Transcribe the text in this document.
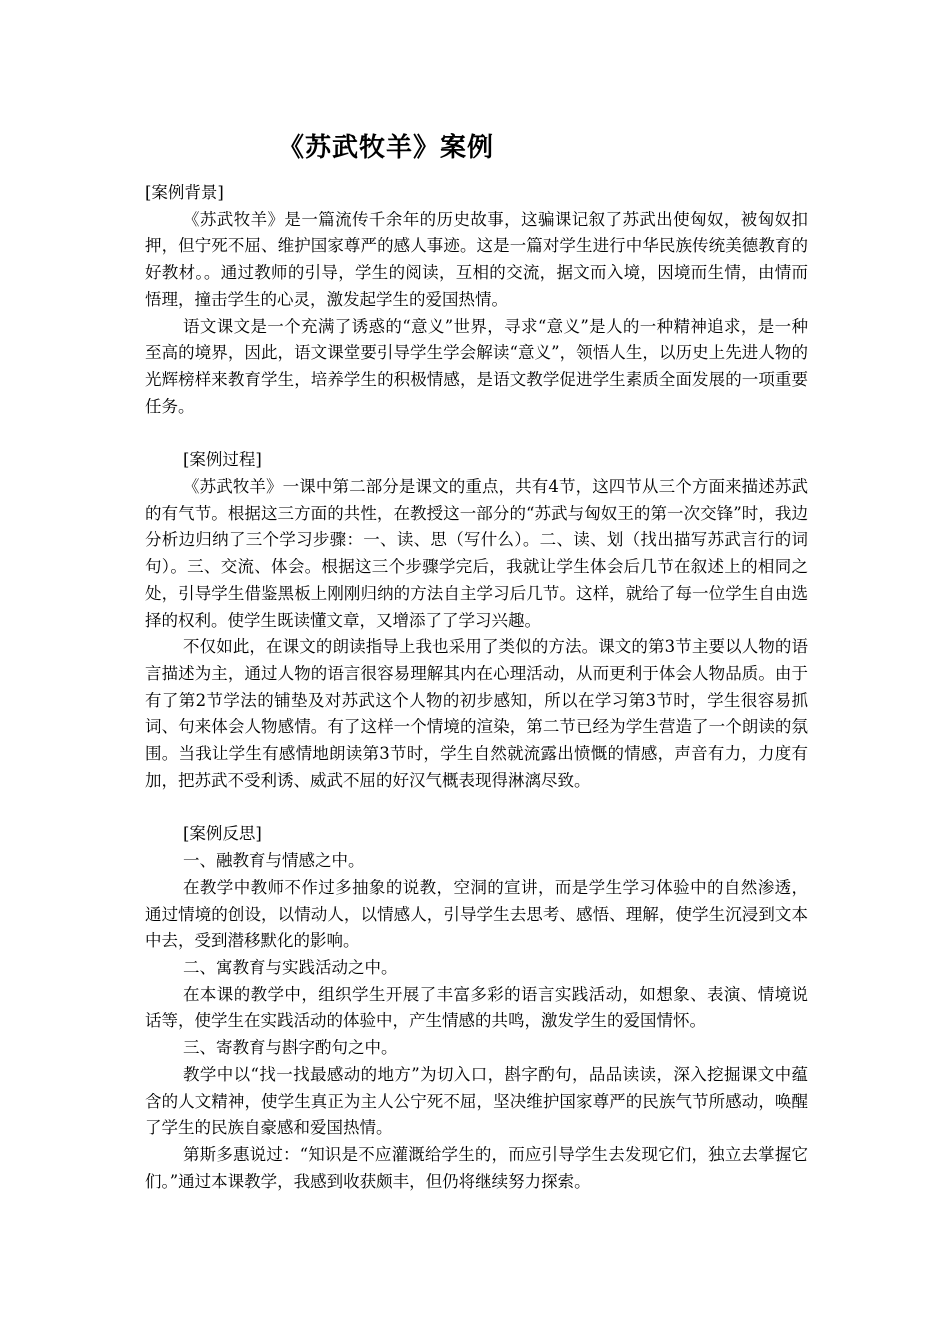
《苏武牧羊》案例

[案例背景]

《苏武牧羊》是一篇流传千余年的历史故事，这骗课记叙了苏武出使匈奴，被匈奴扣押，但宁死不屈、维护国家尊严的感人事迹。这是一篇对学生进行中华民族传统美德教育的好教材。。通过教师的引导，学生的阅读，互相的交流，据文而入境，因境而生情，由情而悟理，撞击学生的心灵，激发起学生的爱国热情。

语文课文是一个充满了诱惑的“意义”世界，寻求“意义”是人的一种精神追求，是一种至高的境界，因此，语文课堂要引导学生学会解读“意义”，领悟人生，以历史上先进人物的光辉榜样来教育学生，培养学生的积极情感，是语文教学促进学生素质全面发展的一项重要任务。

[案例过程]

《苏武牧羊》一课中第二部分是课文的重点，共有4节，这四节从三个方面来描述苏武的有气节。根据这三方面的共性，在教授这一部分的“苏武与匈奴王的第一次交锋”时，我边分析边归纳了三个学习步骤：一、读、思（写什么）。二、读、划（找出描写苏武言行的词句）。三、交流、体会。根据这三个步骤学完后，我就让学生体会后几节在叙述上的相同之处，引导学生借鉴黑板上刚刚归纳的方法自主学习后几节。这样，就给了每一位学生自由选择的权利。使学生既读懂文章，又增添了了学习兴趣。

不仅如此，在课文的朗读指导上我也采用了类似的方法。课文的第3节主要以人物的语言描述为主，通过人物的语言很容易理解其内在心理活动，从而更利于体会人物品质。由于有了第2节学法的铺垫及对苏武这个人物的初步感知，所以在学习第3节时，学生很容易抓词、句来体会人物感情。有了这样一个情境的渲染，第二节已经为学生营造了一个朗读的氛围。当我让学生有感情地朗读第3节时，学生自然就流露出愤慨的情感，声音有力，力度有加，把苏武不受利诱、威武不屈的好汉气概表现得淋漓尽致。

[案例反思]

一、融教育与情感之中。

在教学中教师不作过多抽象的说教，空洞的宣讲，而是学生学习体验中的自然渗透，通过情境的创设，以情动人，以情感人，引导学生去思考、感悟、理解，使学生沉浸到文本中去，受到潜移默化的影响。

二、寓教育与实践活动之中。

在本课的教学中，组织学生开展了丰富多彩的语言实践活动，如想象、表演、情境说话等，使学生在实践活动的体验中，产生情感的共鸣，激发学生的爱国情怀。

三、寄教育与斟字酌句之中。

教学中以“找一找最感动的地方”为切入口，斟字酌句，品品读读，深入挖掘课文中蕴含的人文精神，使学生真正为主人公宁死不屈，坚决维护国家尊严的民族气节所感动，唤醒了学生的民族自豪感和爱国热情。

第斯多惠说过：“知识是不应灌溉给学生的，而应引导学生去发现它们，独立去掌握它们。”通过本课教学，我感到收获颇丰，但仍将继续努力探索。
